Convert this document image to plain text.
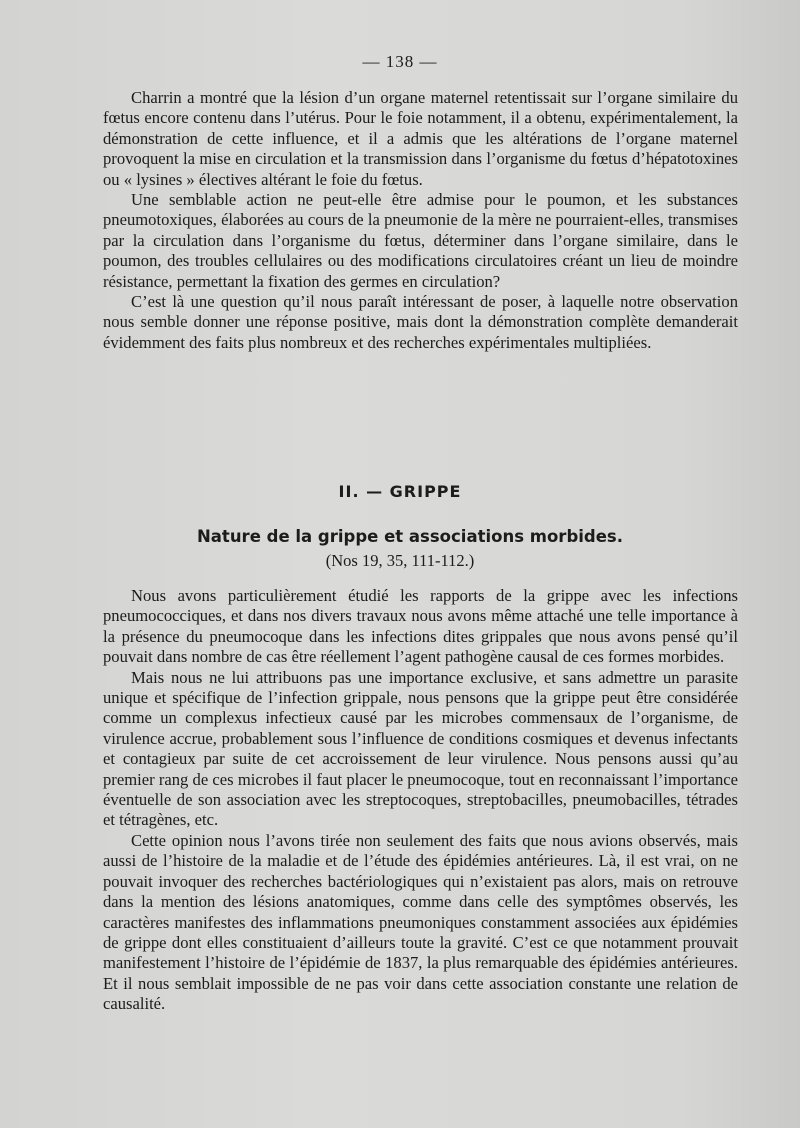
— 138 —

Charrin a montré que la lésion d’un organe maternel retentissait sur l’organe similaire du fœtus encore contenu dans l’utérus. Pour le foie notamment, il a obtenu, expérimentalement, la démonstration de cette influence, et il a admis que les altérations de l’organe maternel provoquent la mise en circulation et la transmission dans l’organisme du fœtus d’hépatotoxines ou « lysines » électives altérant le foie du fœtus.

Une semblable action ne peut-elle être admise pour le poumon, et les substances pneumotoxiques, élaborées au cours de la pneumonie de la mère ne pourraient-elles, transmises par la circulation dans l’organisme du fœtus, déterminer dans l’organe similaire, dans le poumon, des troubles cellulaires ou des modifications circulatoires créant un lieu de moindre résistance, permettant la fixation des germes en circulation?

C’est là une question qu’il nous paraît intéressant de poser, à laquelle notre observation nous semble donner une réponse positive, mais dont la démonstration complète demanderait évidemment des faits plus nombreux et des recherches expérimentales multipliées.

II. — GRIPPE
Nature de la grippe et associations morbides.
(Nos 19, 35, 111-112.)

Nous avons particulièrement étudié les rapports de la grippe avec les infections pneumococciques, et dans nos divers travaux nous avons même attaché une telle importance à la présence du pneumocoque dans les infections dites grippales que nous avons pensé qu’il pouvait dans nombre de cas être réellement l’agent pathogène causal de ces formes morbides.

Mais nous ne lui attribuons pas une importance exclusive, et sans admettre un parasite unique et spécifique de l’infection grippale, nous pensons que la grippe peut être considérée comme un complexus infectieux causé par les microbes commensaux de l’organisme, de virulence accrue, probablement sous l’influence de conditions cosmiques et devenus infectants et contagieux par suite de cet accroissement de leur virulence. Nous pensons aussi qu’au premier rang de ces microbes il faut placer le pneumocoque, tout en reconnaissant l’importance éventuelle de son association avec les streptocoques, streptobacilles, pneumobacilles, tétrades et tétragènes, etc.

Cette opinion nous l’avons tirée non seulement des faits que nous avions observés, mais aussi de l’histoire de la maladie et de l’étude des épidémies antérieures. Là, il est vrai, on ne pouvait invoquer des recherches bactériologiques qui n’existaient pas alors, mais on retrouve dans la mention des lésions anatomiques, comme dans celle des symptômes observés, les caractères manifestes des inflammations pneumoniques constamment associées aux épidémies de grippe dont elles constituaient d’ailleurs toute la gravité. C’est ce que notamment prouvait manifestement l’histoire de l’épidémie de 1837, la plus remarquable des épidémies antérieures. Et il nous semblait impossible de ne pas voir dans cette association constante une relation de causalité.
